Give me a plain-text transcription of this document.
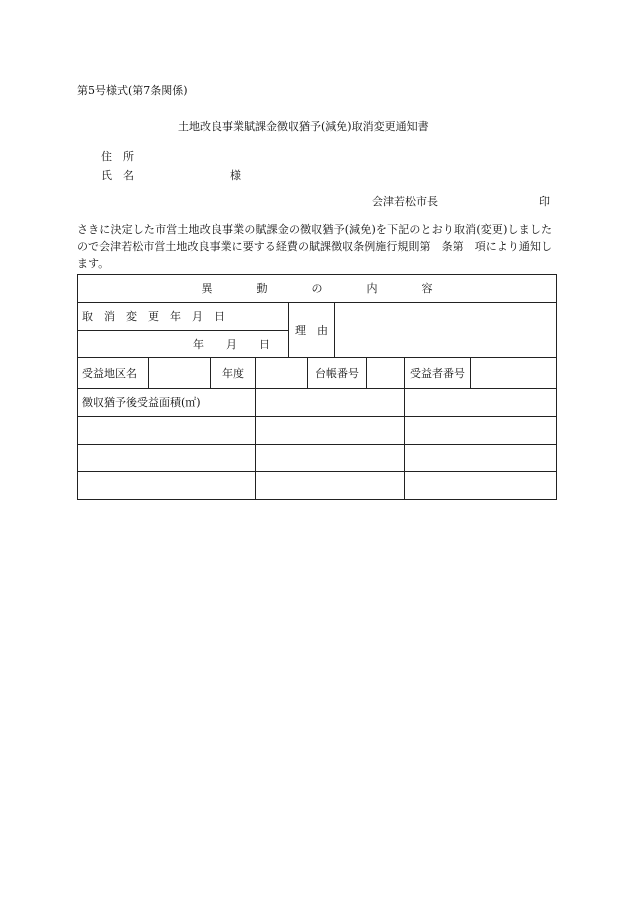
第5号様式(第7条関係)
土地改良事業賦課金徴収猶予(減免)取消変更通知書
住　所
氏　名	様
会津若松市長	印
さきに決定した市営土地改良事業の賦課金の徴収猶予(減免)を下記のとおり取消(変更)しましたので会津若松市営土地改良事業に要する経費の賦課徴収条例施行規則第　条第　項により通知します。
異　　　　動　　　　の　　　　内　　　　容									
取　消　変　更　年　月　日				理　由					
年　　月　　日									
受益地区名		年度			台帳番号			受益者番号	
徴収猶予後受益面積(㎡)									
